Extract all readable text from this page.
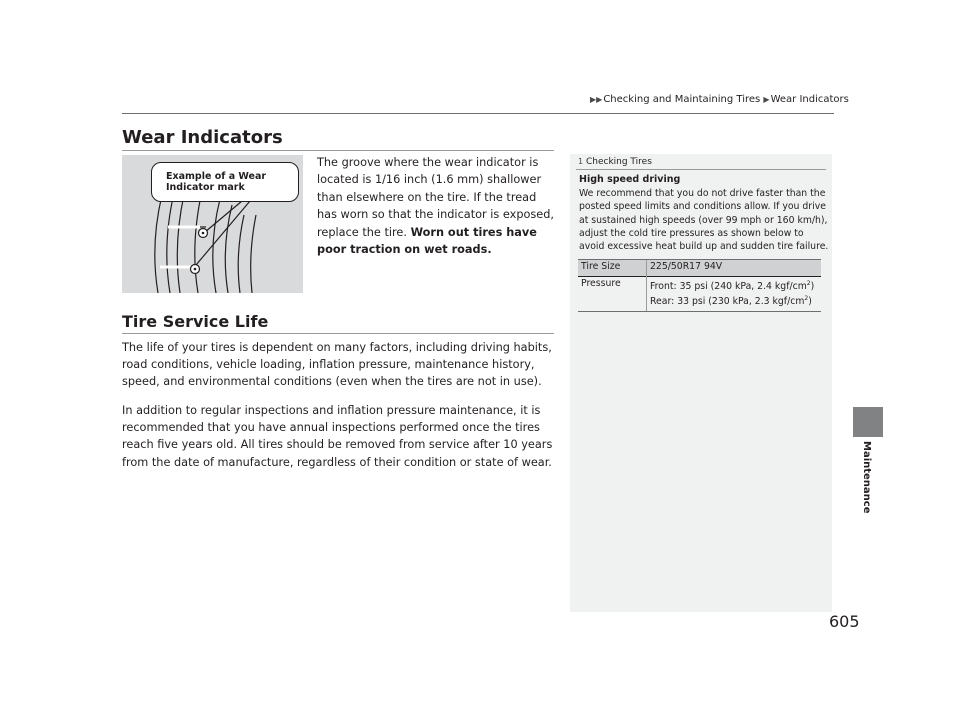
▶▶Checking and Maintaining Tires ▶Wear Indicators
Wear Indicators
Example of a Wear
Indicator mark
The groove where the wear indicator is located is 1/16 inch (1.6 mm) shallower than elsewhere on the tire. If the tread has worn so that the indicator is exposed, replace the tire. Worn out tires have poor traction on wet roads.
Tire Service Life
The life of your tires is dependent on many factors, including driving habits, road conditions, vehicle loading, inflation pressure, maintenance history, speed, and environmental conditions (even when the tires are not in use).
In addition to regular inspections and inflation pressure maintenance, it is recommended that you have annual inspections performed once the tires reach five years old. All tires should be removed from service after 10 years from the date of manufacture, regardless of their condition or state of wear.
1 Checking Tires
High speed driving
We recommend that you do not drive faster than the posted speed limits and conditions allow. If you drive at sustained high speeds (over 99 mph or 160 km/h), adjust the cold tire pressures as shown below to avoid excessive heat build up and sudden tire failure.
Tire Size	225/50R17 94V
Pressure	Front: 35 psi (240 kPa, 2.4 kgf/$cm^2$)
Rear: 33 psi (230 kPa, 2.3 kgf/$cm^2$)
Maintenance
605
